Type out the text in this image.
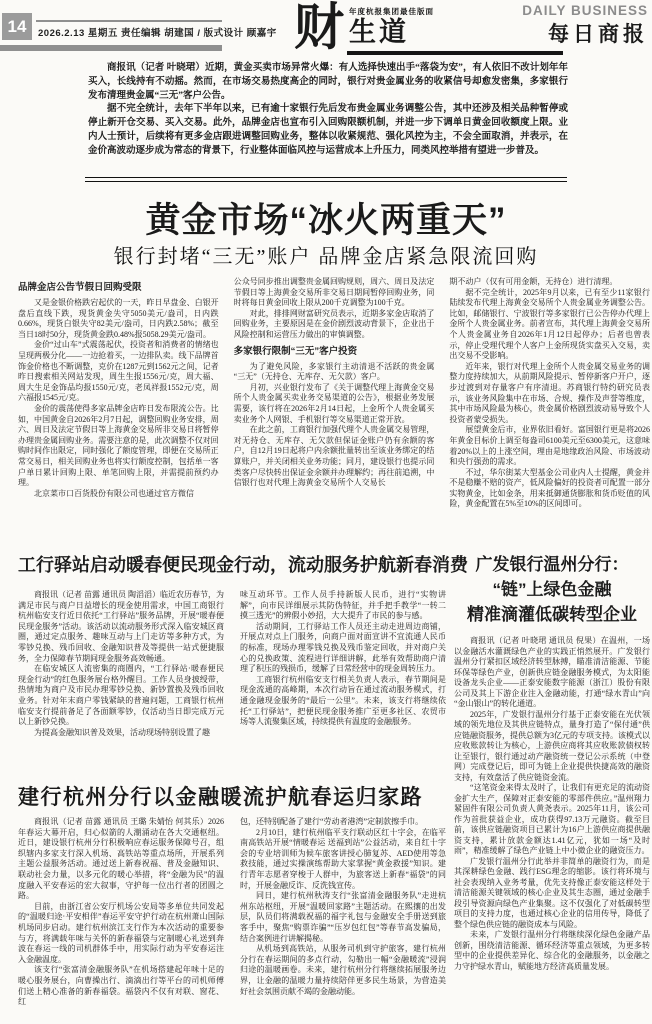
14	2026.2.13 星期五 责任编辑 胡建国 / 版式设计 顾嘉宇 财 年度杭报集团最佳版面
生道
DAILY BUSINESS
每日商报

商报讯（记者 叶晓珺）近期，黄金买卖市场异常火爆：有人选择快速出手“落袋为安”，有人依旧不改计划年年买入，长线持有不动摇。然而，在市场交易热度高企的同时，银行对贵金属业务的收紧信号却愈发密集，多家银行发布清理贵金属“三无”客户公告。

据不完全统计，去年下半年以来，已有逾十家银行先后发布贵金属业务调整公告，其中还涉及相关品种暂停或停止新开仓交易、买入交易。此外，品牌金店也宣布引入回购限额机制，并进一步下调单日黄金回收额度上限。业内人士预计，后续将有更多金店跟进调整回购业务，整体以收紧规范、强化风控为主，不会全面取消，并表示，在金价高波动逐步成为常态的背景下，行业整体面临风控与运营成本上升压力，同类风控举措有望进一步普及。

黄金市场“冰火两重天”
银行封堵“三无”账户 品牌金店紧急限流回购

品牌金店公告节假日回购受限

又是金银价格跌宕起伏的一天，昨日早盘金、白银开盘后直线下跌，现货黄金失守5050美元/盎司，日内跌0.66%，现货白银失守82美元/盎司，日内跌2.58%；截至当日18时50分，现货黄金跌0.48%报5058.29美元/盎司。

金价“过山车”式震荡起伏，投资者和消费者的情绪也呈现两极分化——一边抢着买，一边排队卖。线下品牌首饰金价格也不断调整，克价在1287元到1562元之间，记者昨日搜索相关网站发现，周生生报1556元/克，周大福、周大生足金饰品均报1550元/克，老凤祥报1552元/克，周六福报1545元/克。

金价的震荡使得多家品牌金店昨日发布限流公告。比如，中国黄金自2026年2月7日起，调整回购业务安排，周六、周日及法定节假日等上海黄金交易所非交易日将暂停办理贵金属回购业务。需要注意的是，此次调整不仅对回购时间作出限定，同时强化了额度管理，即便在交易所正常交易日，相关回购业务也将实行额度控制，包括单一客户单日累计回购上限、单笔回购上限，并需提前预约办理。

北京菜市口百货股份有限公司也通过官方微信

公众号同步推出调整贵金属回购规则，周六、周日及法定节假日等上海黄金交易所非交易日期间暂停回购业务，同时将每日黄金回收上限从200千克调整为100千克。

对此，排排网财富研究员表示，近期多家金店取消了回购业务，主要原因是在金价剧烈波动背景下，企业出于风险控制和运营压力做出的审慎调整。

多家银行限制“三无”客户投资

为了避免风险，多家银行主动清退不活跃的贵金属“三无”（无持仓、无库存、无欠款）客户。

月初，兴业银行发布了《关于调整代理上海黄金交易所个人贵金属买卖业务交易渠道的公告》，根据业务发展需要，该行将在2026年2月14日起，上金所个人贵金属买卖业务个人网银、手机银行等交易渠道正常开放。

在此之前，工商银行加强代理个人贵金属交易管理，对无持仓、无库存、无欠款但保证金账户仍有余额的客户，自12月19日起将户内余额批量转出至该业务绑定的结算账户，并关闭相关业务功能；同月，建设银行也提示同类客户尽快转出保证金余额并办理解约；再往前追溯，中信银行也对代理上海黄金交易所个人交易长

期不动户（仅有可用金额，无持仓）进行清理。

据不完全统计，2025年9月以来，已有至少11家银行陆续发布代理上海黄金交易所个人贵金属业务调整公告。比如，邮储银行、宁波银行等多家银行已公告停办代理上金所个人贵金属业务。前者宣布，其代理上海黄金交易所个人贵金属业务自2026年1月12日起停办；后者也曾表示，停止受理代理个人客户上金所现货实盘买入交易，卖出交易不受影响。

近年来，银行对代理上金所个人贵金属交易业务的调整力度持续加大，从前期风险提示、暂停新客户开户，逐步过渡到对存量客户有序清退。苏商银行特约研究员表示，该业务风险集中在市场、合规、操作及声誉等维度，其中市场风险最为核心，贵金属价格剧烈波动易导致个人投资者蒙受损失。

展望黄金后市，业界依旧看好。富国银行更是将2026年黄金目标价上调至每盎司6100美元至6300美元，这意味着20%以上的上涨空间，理由是地缘政治风险、市场波动和央行强劲的需求。

不过，华尔街某大型基金公司业内人士提醒，黄金并不是稳赚不赔的资产，低风险偏好的投资者可配置一部分实物黄金，比如金条，用来抵御通货膨胀和货币贬值的风险，黄金配置在5%至10%的区间即可。

工行驿站启动暖春便民现金行动，流动服务护航新春消费

商报讯（记者 苗露 通讯员 陶滔滔）临近农历春节，为满足市民与商户日益增长的现金使用需求，中国工商银行杭州临安支行近日依托“工行驿站”服务品牌，开展“暖春便民现金服务”活动。该活动以流动服务形式深入临安城区商圈，通过定点服务、趣味互动与上门走访等多种方式，为零钞兑换、残币回收、金融知识普及等提供一站式便捷服务，全力保障春节期间现金服务高效畅通。

在临安城区人流密集的商圈内，“工行驿站·暖春便民现金行动”的红色服务展台格外醒目。工作人员身披绶带，热情地为商户及市民办理零钞兑换、新钞置换及残币回收业务。针对年末商户零钱紧缺的普遍问题，工商银行杭州临安支行提前备足了各面额零钞，仅活动当日即完成万元以上新钞兑换。

为提高金融知识普及效果，活动现场特别设置了趣

味互动环节。工作人员手持新版人民币，进行“实物讲解”，向市民详细展示其防伪特征，并手把手教学“一转二摸三透光”的辨假小妙招，大大提升了市民的参与感。

活动期间，工行驿站工作人员还主动走进周边商铺，开展点对点上门服务，向商户面对面宣讲不宜流通人民币的标准，现场办理零钱兑换及残币鉴定回收，并对商户关心的兑换政策、流程进行详细讲解，此举有效帮助商户清理了积压的残损币，缓解了日常经营中的现金周转压力。

工商银行杭州临安支行相关负责人表示，春节期间是现金流通的高峰期，本次行动旨在通过流动服务模式，打通金融现金服务的“最后一公里”。未来，该支行将继续依托“工行驿站”，把便民现金服务推广至更多社区、农贸市场等人流聚集区域，持续提供有温度的金融服务。

建行杭州分行以金融暖流护航春运归家路

商报讯（记者 苗露 通讯员 王璐 朱婧怡 何其乐）2026年春运大幕开启，归心似箭的人潮涌动在各大交通枢纽。近日，建设银行杭州分行积极响应春运服务保障号召，组织辖内多家支行深入机场、高铁站等重点场所，开展系列主题公益服务活动。通过送上新春祝福、普及金融知识、联动社会力量，以多元化的暖心举措，将“金融为民”的温度融入平安春运的宏大叙事，守护每一位出行者的团圆之路。

目前，由浙江省公安厅机场公安局等多单位共同发起的“温暖归途·平安相伴”春运平安守护行动在杭州萧山国际机场同步启动。建行杭州滨江支行作为本次活动的重要参与方，将满载年味与关怀的新春福袋与定制暖心礼送到奔波在春运一线的司机群体手中，用实际行动为平安春运注入金融温度。

该支行“张富清金融服务队”在机场搭建起年味十足的暖心服务展台，向曹操出行、滴滴出行等平台的司机师傅们送上精心准备的新春福袋。福袋内不仅有对联、窗花、红

包，还特别配备了建行“劳动者港湾”定制款擦手巾。

2月10日，建行杭州临平支行联动区红十字会，在临平南高铁站开展“情暖春运 送福到站”公益活动，来自红十字会的专业培训师为候车旅客讲授心肺复苏、AED使用等急救技能，通过实操演练帮助大家掌握“黄金救援”知识。建行青年志愿者穿梭于人群中，为旅客送上新春“福袋”的同时，开展金融反诈、反洗钱宣传。

同日，建行杭州秋涛支行“张富清金融服务队”走进杭州东站枢纽，开展“温暖回家路”主题活动。在熙攘的出发层，队员们将满载祝福的福字礼包与金融安全手册送到旅客手中，聚焦“购票诈骗”“压岁包红包”等春节高发骗局，结合案例进行讲解揭秘。

从机场到高铁站，从服务司机到守护旅客，建行杭州分行在春运期间的多点行动，勾勒出一幅“金融暖流”浸润归途的温暖画卷。未来，建行杭州分行将继续拓展服务边界，让金融的温暖力量持续陪伴更多民生场景，为营造美好社会氛围贡献不竭的金融动能。

广发银行温州分行：
“链”上绿色金融
精准滴灌低碳转型企业

商报讯（记者 叶晓珺 通讯员 倪果）在温州，一场以金融活水灌溉绿色产业的实践正悄然展开。广发银行温州分行紧扣区域经济转型脉搏，瞄准清洁能源、节能环保等绿色产业，创新供应链金融服务模式，为太阳能设备龙头企业——正泰安能数字能源（浙江）股份有限公司及其上下游企业注入金融动能，打通“绿水青山”向“金山银山”的转化通道。

2025年，广发银行温州分行基于正泰安能在光伏领域的领先地位及其供应链特点，量身打造了“保付通”供应链融资服务，提供总额为3亿元的专项支持。该模式以应收账款转让为核心，上游供应商将其应收账款债权转让至银行，银行通过动产融资统一登记公示系统（中登网）完成登记后，即可为链上企业提供快捷高效的融资支持，有效盘活了供应链资金流。

“这笔资金来得太及时了，让我们有更充足的流动资金扩大生产，保障对正泰安能的零部件供应。”温州翔力紧固件有限公司负责人黄尧表示。2025年11月，该公司作为首批获益企业，成功获得97.13万元融资。截至目前，该供应链融资项目已累计为16户上游供应商提供融资支持，累计放款金额达1.41亿元，犹如一场“及时雨”，精准缓解了绿色产业链上中小微企业的融资压力。

广发银行温州分行此举并非简单的融资行为，而是其深耕绿色金融、践行ESG理念的缩影。该行将环境与社会表现纳入业务考量，优先支持像正泰安能这样处于清洁能源关键领域的核心企业及其生态圈，通过金融手段引导资源向绿色产业集聚。这不仅强化了对低碳转型项目的支持力度，也通过核心企业的信用传导，降低了整个绿色供应链的融资成本与风险。

未来，广发银行温州分行将继续深化绿色金融产品创新，围绕清洁能源、循环经济等重点领域，为更多转型中的企业提供差异化、综合化的金融服务，以金融之力守护绿水青山，赋能地方经济高质量发展。
